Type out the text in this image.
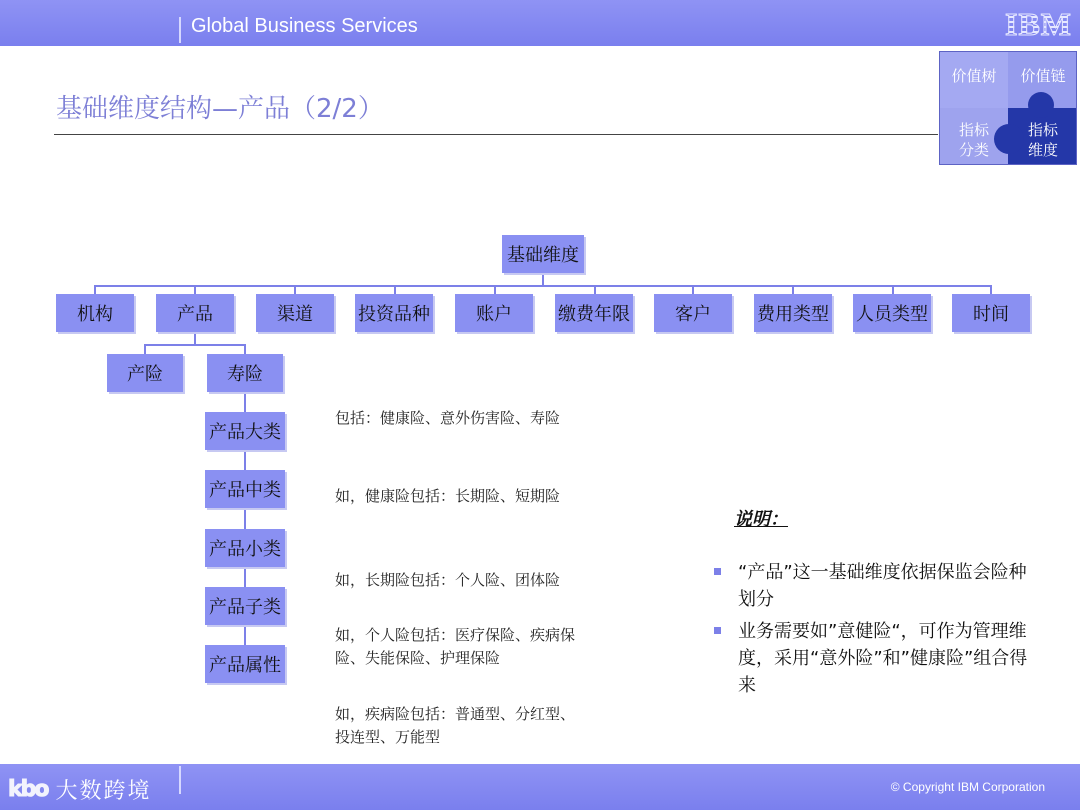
Global Business Services	IBM
基础维度结构—产品（2/2）
价值树	价值链
指标
分类
指标
维度
基础维度
机构	产品	渠道	投资品种	账户	缴费年限	客户	费用类型 人员类型	时间
产险	寿险
产品大类
产品中类
产品小类
产品子类
产品属性
包括：健康险、意外伤害险、寿险
如，健康险包括：长期险、短期险
如，长期险包括：个人险、团体险
如，个人险包括：医疗保险、疾病保
险、失能保险、护理保险
如，疾病险包括：普通型、分红型、
投连型、万能型
说明：
“产品”这一基础维度依据保监会险种划分
业务需要如”意健险“，可作为管理维度，采用“意外险”和”健康险”组合得来
kbo 大数跨境	© Copyright IBM Corporation
